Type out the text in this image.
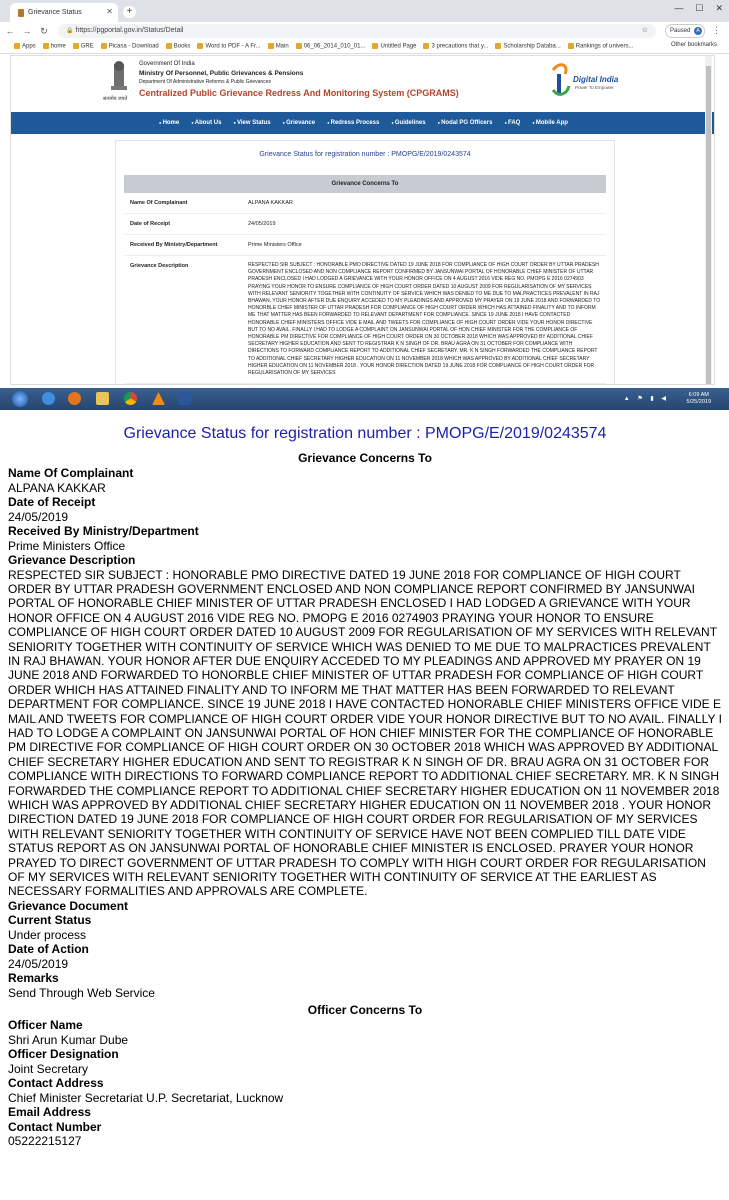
Grievance Status	✕	+	— ☐ ✕
← → ↻	🔒 https://pgportal.gov.in/Status/Detail	☆	Paused	A ⋮
Apps	home	GRE	Picasa - Download	Books	Word to PDF - A Fr...	Main	06_06_2014_010_01...	Untitled Page	3 precautions that y...	Scholarship Databa...	Rankings of univers...	Other bookmarks
सत्यमेव जयते
Government Of India
Ministry Of Personnel, Public Grievances & Pensions
Department Of Administrative Reforms & Public Grievances
Centralized Public Grievance Redress And Monitoring System (CPGRAMS)
Digital India
Power To Empower
● Home	● About Us	● View Status	● Grievance	● Redress Process	● Guidelines	● Nodal PG Officers	● FAQ	● Mobile App
Grievance Status for registration number : PMOPG/E/2019/0243574
Grievance Concerns To
Name Of Complainant	ALPANA KAKKAR
Date of Receipt	24/05/2019
Received By Ministry/Department	Prime Ministers Office
Grievance Description	RESPECTED SIR SUBJECT : HONORABLE PMO DIRECTIVE DATED 19 JUNE 2018 FOR COMPLIANCE OF HIGH COURT ORDER BY UTTAR PRADESH GOVERNMENT ENCLOSED AND NON COMPLIANCE REPORT CONFIRMED BY JANSUNWAI PORTAL OF HONORABLE CHIEF MINISTER OF UTTAR PRADESH ENCLOSED I HAD LODGED A GRIEVANCE WITH YOUR HONOR OFFICE ON 4 AUGUST 2016 VIDE REG NO. PMOPG E 2016 0274903 PRAYING YOUR HONOR TO ENSURE COMPLIANCE OF HIGH COURT ORDER DATED 10 AUGUST 2009 FOR REGULARISATION OF MY SERVICES WITH RELEVANT SENIORITY TOGETHER WITH CONTINUITY OF SERVICE WHICH WAS DENIED TO ME DUE TO MALPRACTICES PREVALENT IN RAJ BHAWAN. YOUR HONOR AFTER DUE ENQUIRY ACCEDED TO MY PLEADINGS AND APPROVED MY PRAYER ON 19 JUNE 2018 AND FORWARDED TO HONORBLE CHIEF MINISTER OF UTTAR PRADESH FOR COMPLIANCE OF HIGH COURT ORDER WHICH HAS ATTAINED FINALITY AND TO INFORM ME THAT MATTER HAS BEEN FORWARDED TO RELEVANT DEPARTMENT FOR COMPLIANCE. SINCE 19 JUNE 2018 I HAVE CONTACTED HONORABLE CHIEF MINISTERS OFFICE VIDE E MAIL AND TWEETS FOR COMPLIANCE OF HIGH COURT ORDER VIDE YOUR HONOR DIRECTIVE BUT TO NO AVAIL. FINALLY I HAD TO LODGE A COMPLAINT ON JANSUNWAI PORTAL OF HON CHIEF MINISTER FOR THE COMPLIANCE OF HONORABLE PM DIRECTIVE FOR COMPLIANCE OF HIGH COURT ORDER ON 30 OCTOBER 2018 WHICH WAS APPROVED BY ADDITIONAL CHIEF SECRETARY HIGHER EDUCATION AND SENT TO REGISTRAR K N SINGH OF DR. BRAU AGRA ON 31 OCTOBER FOR COMPLIANCE WITH DIRECTIONS TO FORWARD COMPLIANCE REPORT TO ADDITIONAL CHIEF SECRETARY. MR. K N SINGH FORWARDED THE COMPLIANCE REPORT TO ADDITIONAL CHIEF SECRETARY HIGHER EDUCATION ON 11 NOVEMBER 2018 WHICH WAS APPROVED BY ADDITIONAL CHIEF SECRETARY HIGHER EDUCATION ON 11 NOVEMBER 2018 . YOUR HONOR DIRECTION DATED 19 JUNE 2018 FOR COMPLIANCE OF HIGH COURT ORDER FOR REGULARISATION OF MY SERVICES
▲ ⚑ ▮ ◀
6:09 AM
5/25/2019
Grievance Status for registration number : PMOPG/E/2019/0243574
Grievance Concerns To
Name Of Complainant
ALPANA KAKKAR
Date of Receipt
24/05/2019
Received By Ministry/Department
Prime Ministers Office
Grievance Description
RESPECTED SIR SUBJECT : HONORABLE PMO DIRECTIVE DATED 19 JUNE 2018 FOR COMPLIANCE OF HIGH COURT ORDER BY UTTAR PRADESH GOVERNMENT ENCLOSED AND NON COMPLIANCE REPORT CONFIRMED BY JANSUNWAI PORTAL OF HONORABLE CHIEF MINISTER OF UTTAR PRADESH ENCLOSED I HAD LODGED A GRIEVANCE WITH YOUR HONOR OFFICE ON 4 AUGUST 2016 VIDE REG NO. PMOPG E 2016 0274903 PRAYING YOUR HONOR TO ENSURE COMPLIANCE OF HIGH COURT ORDER DATED 10 AUGUST 2009 FOR REGULARISATION OF MY SERVICES WITH RELEVANT SENIORITY TOGETHER WITH CONTINUITY OF SERVICE WHICH WAS DENIED TO ME DUE TO MALPRACTICES PREVALENT IN RAJ BHAWAN. YOUR HONOR AFTER DUE ENQUIRY ACCEDED TO MY PLEADINGS AND APPROVED MY PRAYER ON 19 JUNE 2018 AND FORWARDED TO HONORBLE CHIEF MINISTER OF UTTAR PRADESH FOR COMPLIANCE OF HIGH COURT ORDER WHICH HAS ATTAINED FINALITY AND TO INFORM ME THAT MATTER HAS BEEN FORWARDED TO RELEVANT DEPARTMENT FOR COMPLIANCE. SINCE 19 JUNE 2018 I HAVE CONTACTED HONORABLE CHIEF MINISTERS OFFICE VIDE E MAIL AND TWEETS FOR COMPLIANCE OF HIGH COURT ORDER VIDE YOUR HONOR DIRECTIVE BUT TO NO AVAIL. FINALLY I HAD TO LODGE A COMPLAINT ON JANSUNWAI PORTAL OF HON CHIEF MINISTER FOR THE COMPLIANCE OF HONORABLE PM DIRECTIVE FOR COMPLIANCE OF HIGH COURT ORDER ON 30 OCTOBER 2018 WHICH WAS APPROVED BY ADDITIONAL CHIEF SECRETARY HIGHER EDUCATION AND SENT TO REGISTRAR K N SINGH OF DR. BRAU AGRA ON 31 OCTOBER FOR COMPLIANCE WITH DIRECTIONS TO FORWARD COMPLIANCE REPORT TO ADDITIONAL CHIEF SECRETARY. MR. K N SINGH FORWARDED THE COMPLIANCE REPORT TO ADDITIONAL CHIEF SECRETARY HIGHER EDUCATION ON 11 NOVEMBER 2018 WHICH WAS APPROVED BY ADDITIONAL CHIEF SECRETARY HIGHER EDUCATION ON 11 NOVEMBER 2018 . YOUR HONOR DIRECTION DATED 19 JUNE 2018 FOR COMPLIANCE OF HIGH COURT ORDER FOR REGULARISATION OF MY SERVICES WITH RELEVANT SENIORITY TOGETHER WITH CONTINUITY OF SERVICE HAVE NOT BEEN COMPLIED TILL DATE VIDE STATUS REPORT AS ON JANSUNWAI PORTAL OF HONORABLE CHIEF MINISTER IS ENCLOSED. PRAYER YOUR HONOR PRAYED TO DIRECT GOVERNMENT OF UTTAR PRADESH TO COMPLY WITH HIGH COURT ORDER FOR REGULARISATION OF MY SERVICES WITH RELEVANT SENIORITY TOGETHER WITH CONTINUITY OF SERVICE AT THE EARLIEST AS NECESSARY FORMALITIES AND APPROVALS ARE COMPLETE.
Grievance Document
Current Status
Under process
Date of Action
24/05/2019
Remarks
Send Through Web Service
Officer Concerns To
Officer Name
Shri Arun Kumar Dube
Officer Designation
Joint Secretary
Contact Address
Chief Minister Secretariat U.P. Secretariat, Lucknow
Email Address
Contact Number
05222215127
